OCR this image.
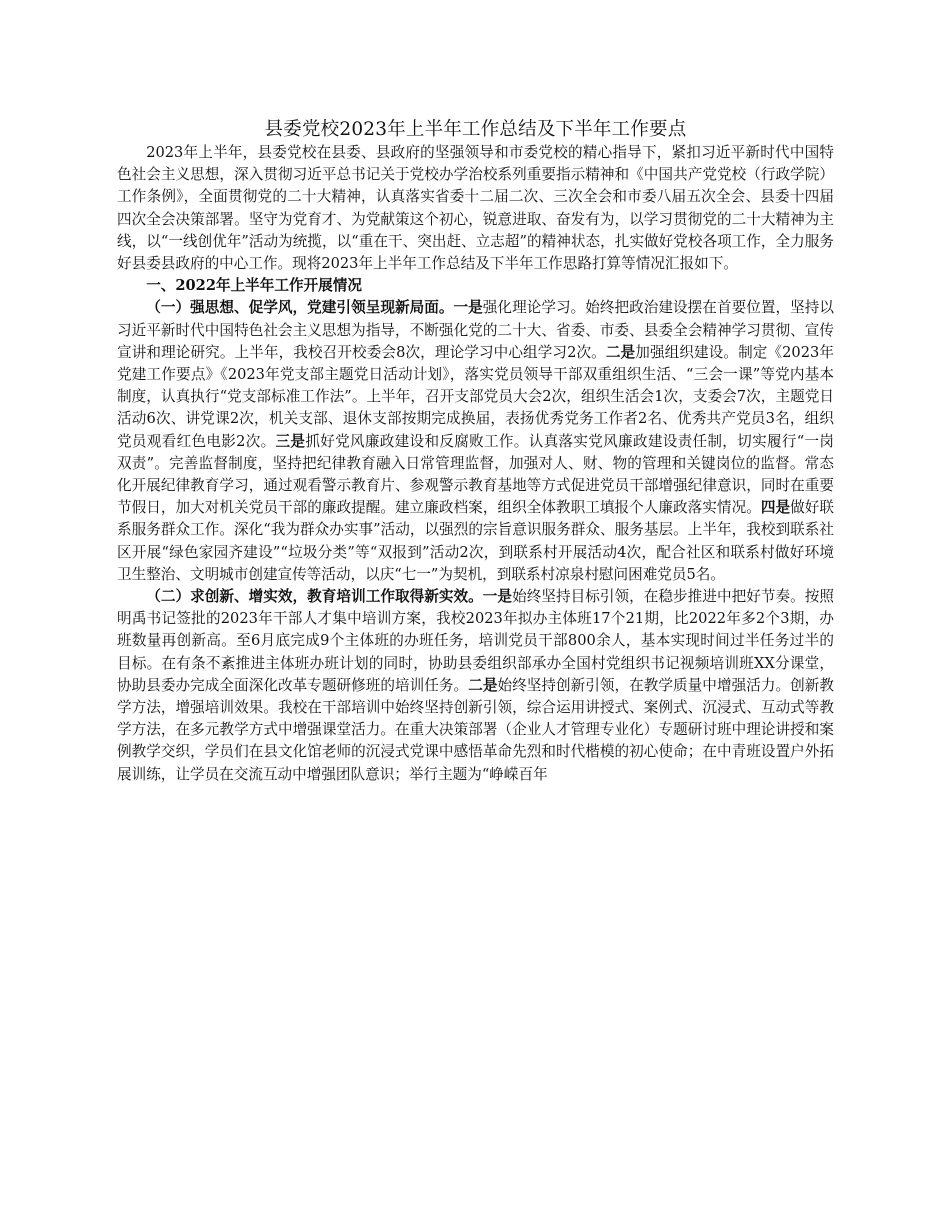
县委党校2023年上半年工作总结及下半年工作要点

2023年上半年，县委党校在县委、县政府的坚强领导和市委党校的精心指导下，紧扣习近平新时代中国特色社会主义思想，深入贯彻习近平总书记关于党校办学治校系列重要指示精神和《中国共产党党校（行政学院）工作条例》，全面贯彻党的二十大精神，认真落实省委十二届二次、三次全会和市委八届五次全会、县委十四届四次全会决策部署。坚守为党育才、为党献策这个初心，锐意进取、奋发有为，以学习贯彻党的二十大精神为主线，以“一线创优年”活动为统揽，以“重在干、突出赶、立志超”的精神状态，扎实做好党校各项工作，全力服务好县委县政府的中心工作。现将2023年上半年工作总结及下半年工作思路打算等情况汇报如下。

一、2022年上半年工作开展情况

（一）强思想、促学风，党建引领呈现新局面。一是强化理论学习。始终把政治建设摆在首要位置，坚持以习近平新时代中国特色社会主义思想为指导，不断强化党的二十大、省委、市委、县委全会精神学习贯彻、宣传宣讲和理论研究。上半年，我校召开校委会8次，理论学习中心组学习2次。二是加强组织建设。制定《2023年党建工作要点》《2023年党支部主题党日活动计划》，落实党员领导干部双重组织生活、“三会一课”等党内基本制度，认真执行“党支部标准工作法”。上半年，召开支部党员大会2次，组织生活会1次，支委会7次，主题党日活动6次、讲党课2次，机关支部、退休支部按期完成换届，表扬优秀党务工作者2名、优秀共产党员3名，组织党员观看红色电影2次。三是抓好党风廉政建设和反腐败工作。认真落实党风廉政建设责任制，切实履行“一岗双责”。完善监督制度，坚持把纪律教育融入日常管理监督，加强对人、财、物的管理和关键岗位的监督。常态化开展纪律教育学习，通过观看警示教育片、参观警示教育基地等方式促进党员干部增强纪律意识，同时在重要节假日，加大对机关党员干部的廉政提醒。建立廉政档案，组织全体教职工填报个人廉政落实情况。四是做好联系服务群众工作。深化“我为群众办实事”活动，以强烈的宗旨意识服务群众、服务基层。上半年，我校到联系社区开展“绿色家园齐建设”“垃圾分类”等“双报到”活动2次，到联系村开展活动4次，配合社区和联系村做好环境卫生整治、文明城市创建宣传等活动，以庆“七一”为契机，到联系村凉泉村慰问困难党员5名。

（二）求创新、增实效，教育培训工作取得新实效。一是始终坚持目标引领，在稳步推进中把好节奏。按照明禹书记签批的2023年干部人才集中培训方案，我校2023年拟办主体班17个21期，比2022年多2个3期，办班数量再创新高。至6月底完成9个主体班的办班任务，培训党员干部800余人，基本实现时间过半任务过半的目标。在有条不紊推进主体班办班计划的同时，协助县委组织部承办全国村党组织书记视频培训班XX分课堂，协助县委办完成全面深化改革专题研修班的培训任务。二是始终坚持创新引领，在教学质量中增强活力。创新教学方法，增强培训效果。我校在干部培训中始终坚持创新引领，综合运用讲授式、案例式、沉浸式、互动式等教学方法，在多元教学方式中增强课堂活力。在重大决策部署（企业人才管理专业化）专题研讨班中理论讲授和案例教学交织，学员们在县文化馆老师的沉浸式党课中感悟革命先烈和时代楷模的初心使命；在中青班设置户外拓展训练，让学员在交流互动中增强团队意识；举行主题为“峥嵘百年
